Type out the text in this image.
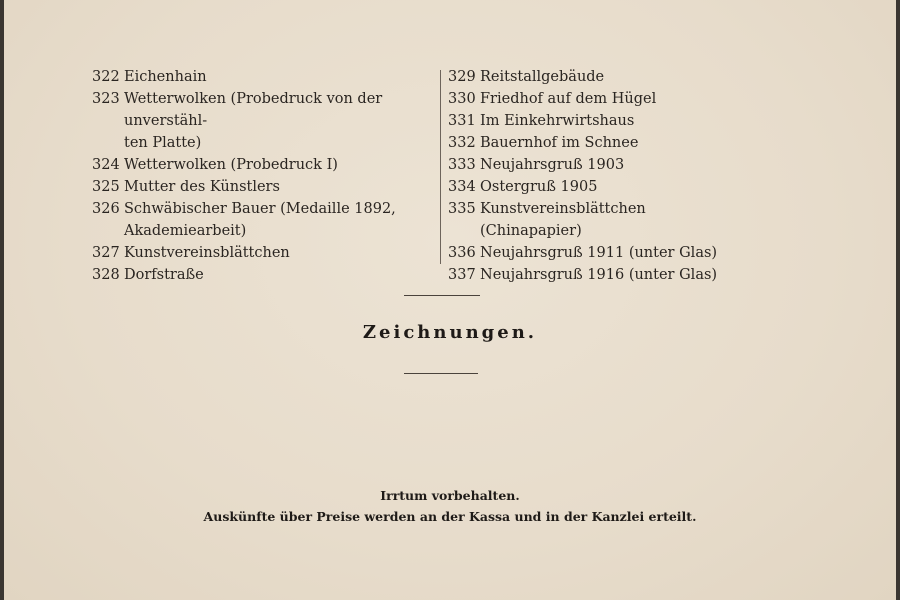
322 Eichenhain
323 Wetterwolken (Probedruck von der unverstähl-
ten Platte)
324 Wetterwolken (Probedruck I)
325 Mutter des Künstlers
326 Schwäbischer Bauer (Medaille 1892,
Akademiearbeit)
327 Kunstvereinsblättchen
328 Dorfstraße
329 Reitstallgebäude
330 Friedhof auf dem Hügel
331 Im Einkehrwirtshaus
332 Bauernhof im Schnee
333 Neujahrsgruß 1903
334 Ostergruß 1905
335 Kunstvereinsblättchen (Chinapapier)
336 Neujahrsgruß 1911 (unter Glas)
337 Neujahrsgruß 1916 (unter Glas)
Zeichnungen.
Irrtum vorbehalten.
Auskünfte über Preise werden an der Kassa und in der Kanzlei erteilt.
